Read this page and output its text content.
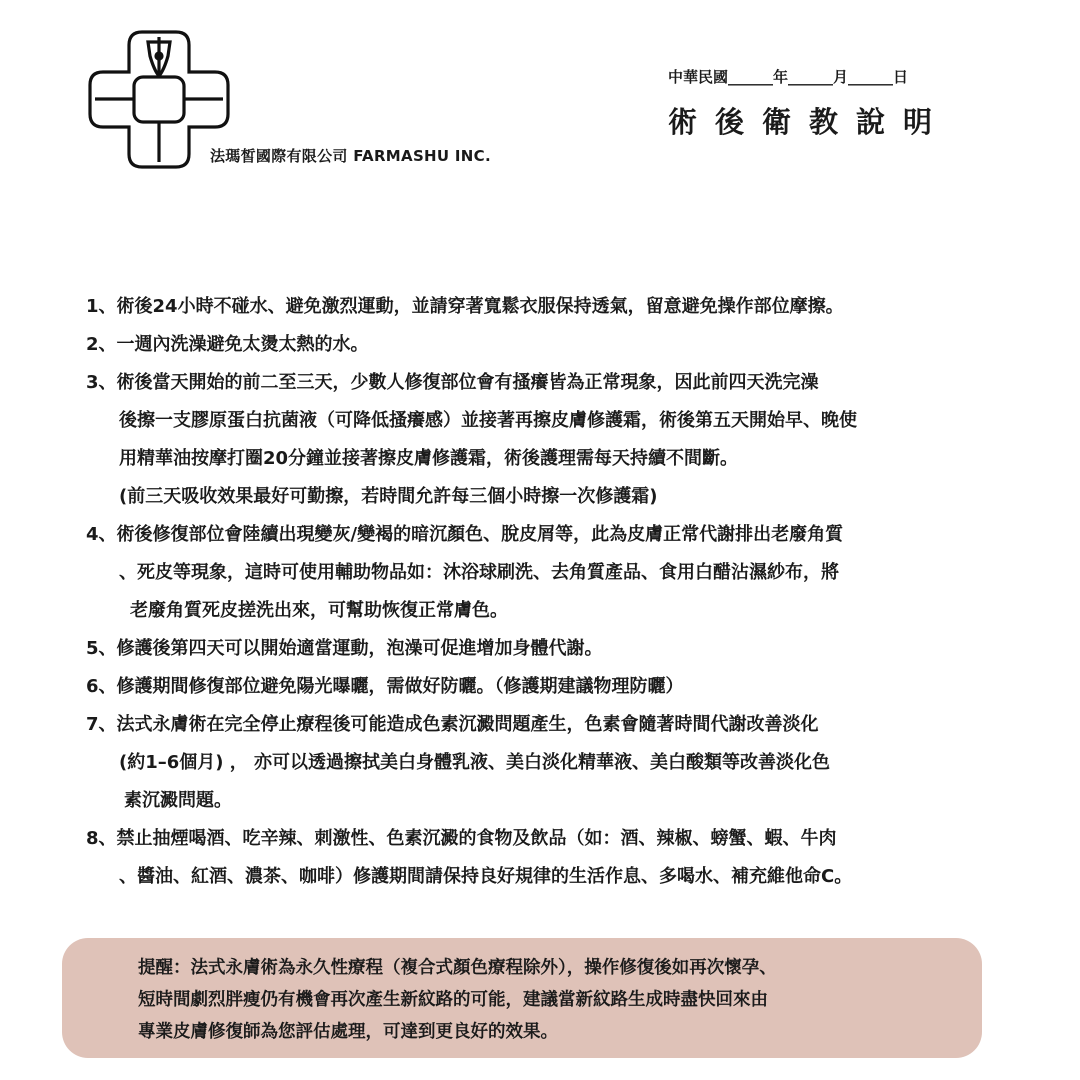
法瑪皙國際有限公司 FARMASHU INC.
中華民國______年______月______日
術後衛教說明
1、術後24小時不碰水、避免激烈運動，並請穿著寬鬆衣服保持透氣，留意避免操作部位摩擦。
2、一週內洗澡避免太燙太熱的水。
3、術後當天開始的前二至三天，少數人修復部位會有搔癢皆為正常現象，因此前四天洗完澡
後擦一支膠原蛋白抗菌液（可降低搔癢感）並接著再擦皮膚修護霜，術後第五天開始早、晚使
用精華油按摩打圈20分鐘並接著擦皮膚修護霜，術後護理需每天持續不間斷。
(前三天吸收效果最好可勤擦，若時間允許每三個小時擦一次修護霜)
4、術後修復部位會陸續出現變灰/變褐的暗沉顏色、脫皮屑等，此為皮膚正常代謝排出老廢角質
、死皮等現象，這時可使用輔助物品如：沐浴球刷洗、去角質產品、食用白醋沾濕紗布，將
老廢角質死皮搓洗出來，可幫助恢復正常膚色。
5、修護後第四天可以開始適當運動，泡澡可促進增加身體代謝。
6、修護期間修復部位避免陽光曝曬，需做好防曬。（修護期建議物理防曬）
7、法式永膚術在完全停止療程後可能造成色素沉澱問題產生，色素會隨著時間代謝改善淡化
(約1–6個月) ， 亦可以透過擦拭美白身體乳液、美白淡化精華液、美白酸類等改善淡化色
素沉澱問題。
8、禁止抽煙喝酒、吃辛辣、刺激性、色素沉澱的食物及飲品（如：酒、辣椒、螃蟹、蝦、牛肉
、醬油、紅酒、濃茶、咖啡）修護期間請保持良好規律的生活作息、多喝水、補充維他命C。
提醒：法式永膚術為永久性療程（複合式顏色療程除外），操作修復後如再次懷孕、
短時間劇烈胖瘦仍有機會再次產生新紋路的可能，建議當新紋路生成時盡快回來由
專業皮膚修復師為您評估處理，可達到更良好的效果。
